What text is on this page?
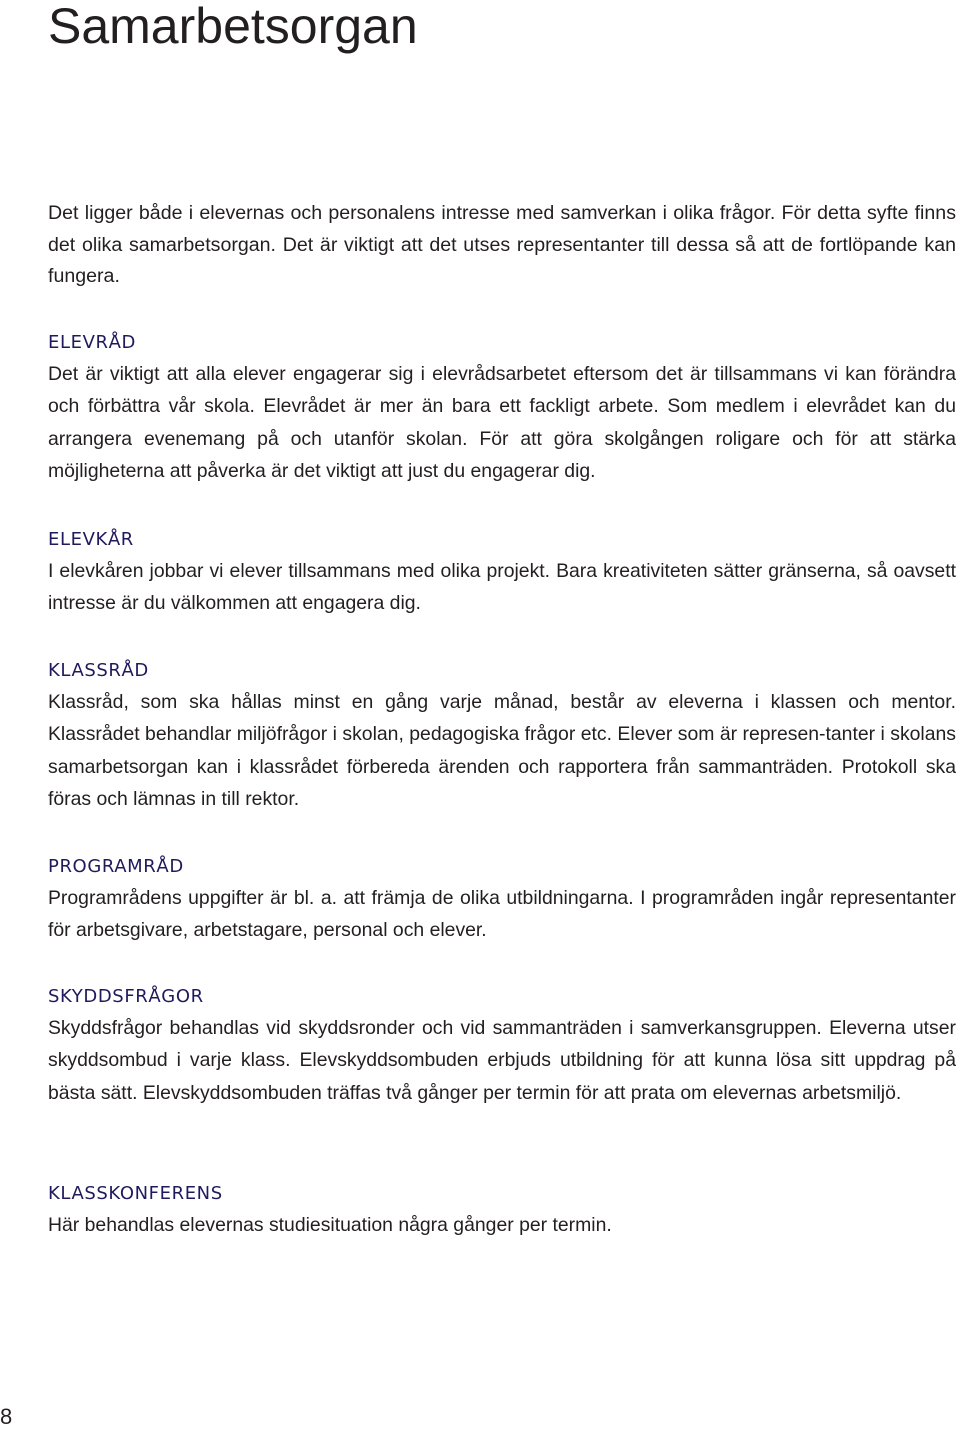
Samarbetsorgan

Det ligger både i elevernas och personalens intresse med samverkan i olika frågor. För detta syfte finns det olika samarbetsorgan. Det är viktigt att det utses representanter till dessa så att de fortlöpande kan fungera.

ELEVRÅD

Det är viktigt att alla elever engagerar sig i elevrådsarbetet eftersom det är tillsammans vi kan förändra och förbättra vår skola. Elevrådet är mer än bara ett fackligt arbete. Som medlem i elevrådet kan du arrangera evenemang på och utanför skolan. För att göra skolgången roligare och för att stärka möjligheterna att påverka är det viktigt att just du engagerar dig.

ELEVKÅR

I elevkåren jobbar vi elever tillsammans med olika projekt. Bara kreativiteten sätter gränserna, så oavsett intresse är du välkommen att engagera dig.

KLASSRÅD

Klassråd, som ska hållas minst en gång varje månad, består av eleverna i klassen och mentor. Klassrådet behandlar miljöfrågor i skolan, pedagogiska frågor etc. Elever som är represen-tanter i skolans samarbetsorgan kan i klassrådet förbereda ärenden och rapportera från sammanträden. Protokoll ska föras och lämnas in till rektor.

PROGRAMRÅD

Programrådens uppgifter är bl. a. att främja de olika utbildningarna. I programråden ingår representanter för arbetsgivare, arbetstagare, personal och elever.

SKYDDSFRÅGOR

Skyddsfrågor behandlas vid skyddsronder och vid sammanträden i samverkansgruppen. Eleverna utser skyddsombud i varje klass. Elevskyddsombuden erbjuds utbildning för att kunna lösa sitt uppdrag på bästa sätt. Elevskyddsombuden träffas två gånger per termin för att prata om elevernas arbetsmiljö.

KLASSKONFERENS

Här behandlas elevernas studiesituation några gånger per termin.

8
